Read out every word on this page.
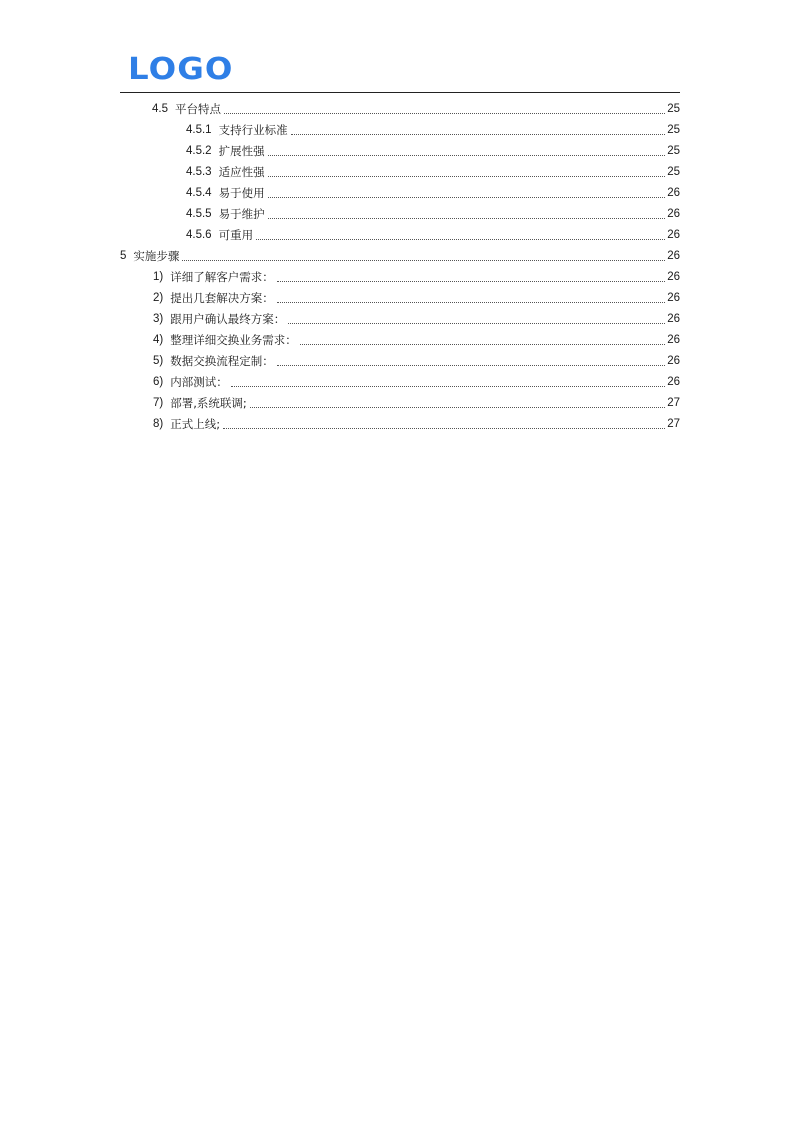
LOGO
4.5 平台特点	25
4.5.1 支持行业标准	25
4.5.2 扩展性强	25
4.5.3 适应性强	25
4.5.4 易于使用	26
4.5.5 易于维护	26
4.5.6 可重用	26
5 实施步骤	26
1) 详细了解客户需求：	26
2) 提出几套解决方案：	26
3) 跟用户确认最终方案：	26
4) 整理详细交换业务需求：	26
5) 数据交换流程定制：	26
6) 内部测试：	26
7) 部署,系统联调;	27
8) 正式上线;	27
